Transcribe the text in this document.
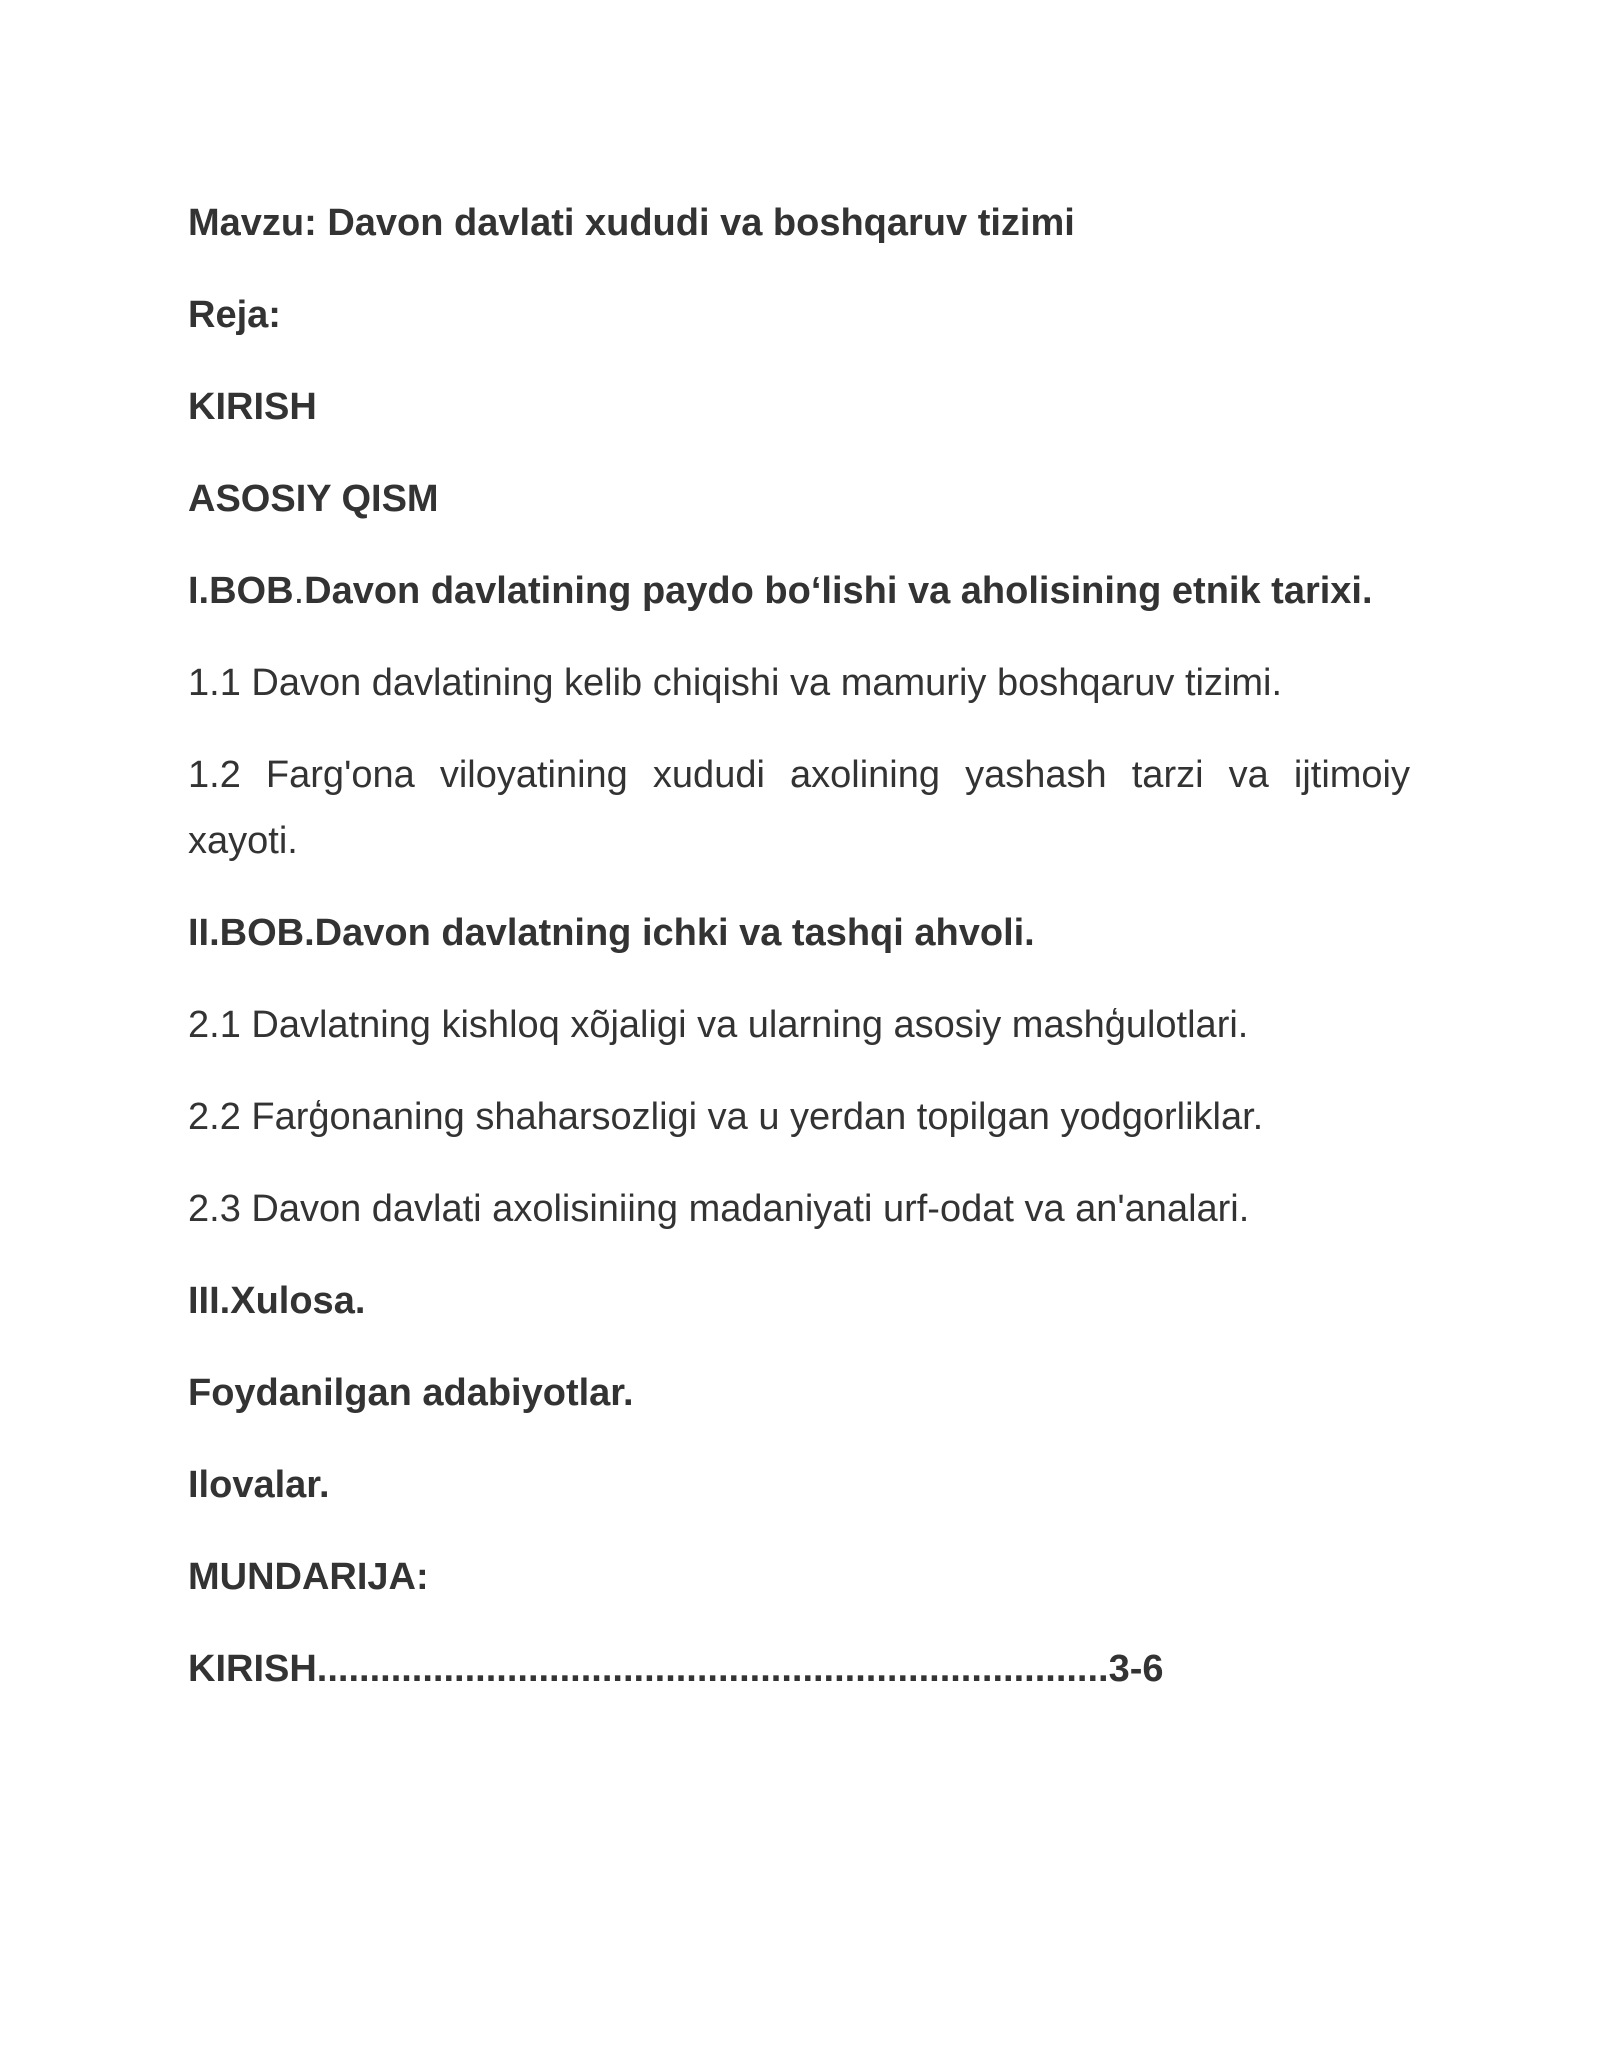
Mavzu: Davon davlati xududi va boshqaruv tizimi

Reja:

KIRISH

ASOSIY QISM

I.BOB.Davon davlatining paydo bo‘lishi va aholisining etnik tarixi.

1.1 Davon davlatining kelib chiqishi va mamuriy boshqaruv tizimi.

1.2 Farg'ona viloyatining xududi axolining yashash tarzi va ijtimoiy xayoti.

II.BOB.Davon davlatning ichki va tashqi ahvoli.

2.1 Davlatning kishloq xõjaligi va ularning asosiy mashģulotlari.

2.2 Farģonaning shaharsozligi va u yerdan topilgan yodgorliklar.

2.3 Davon davlati axolisiniing madaniyati urf-odat va an'analari.

III.Xulosa.

Foydanilgan adabiyotlar.

Ilovalar.

MUNDARIJA:

KIRISH...........................................................................3-6
